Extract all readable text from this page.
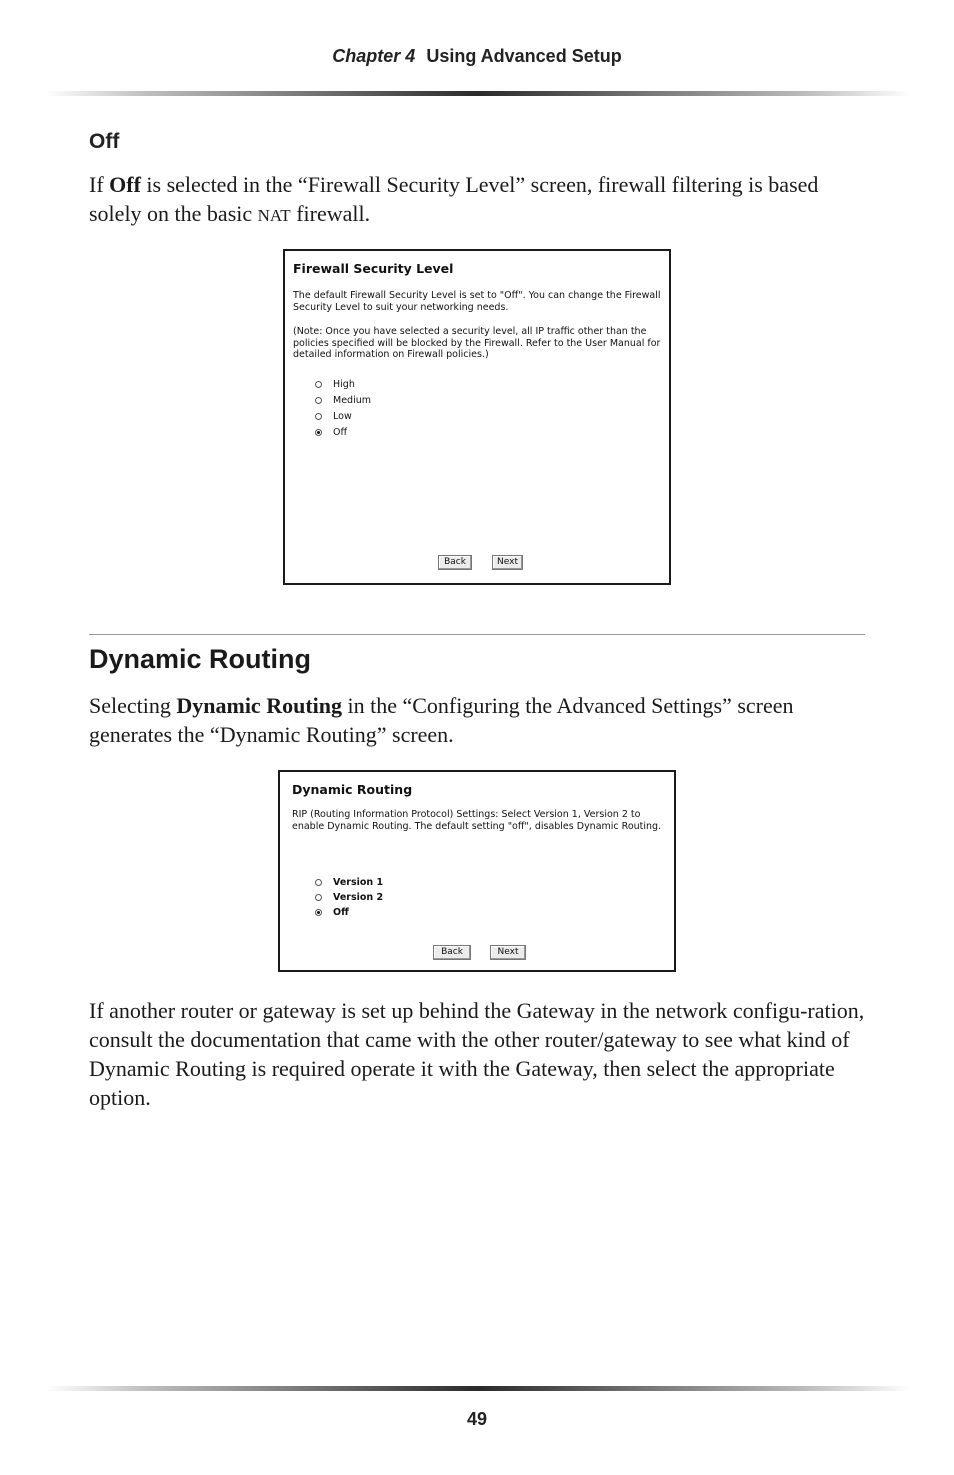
Chapter 4 Using Advanced Setup
Off

If Off is selected in the “Firewall Security Level” screen, firewall filtering is based solely on the basic NAT firewall.

Firewall Security Level

The default Firewall Security Level is set to "Off". You can change the Firewall Security Level to suit your networking needs.

(Note: Once you have selected a security level, all IP traffic other than the policies specified will be blocked by the Firewall. Refer to the User Manual for detailed information on Firewall policies.)

High
Medium
Low
Off
Back	Next
Dynamic Routing

Selecting Dynamic Routing in the “Configuring the Advanced Settings” screen generates the “Dynamic Routing” screen.

Dynamic Routing

RIP (Routing Information Protocol) Settings: Select Version 1, Version 2 to enable Dynamic Routing. The default setting "off", disables Dynamic Routing.

Version 1
Version 2
Off
Back	Next

If another router or gateway is set up behind the Gateway in the network configu-ration, consult the documentation that came with the other router/gateway to see what kind of Dynamic Routing is required operate it with the Gateway, then select the appropriate option.

49
